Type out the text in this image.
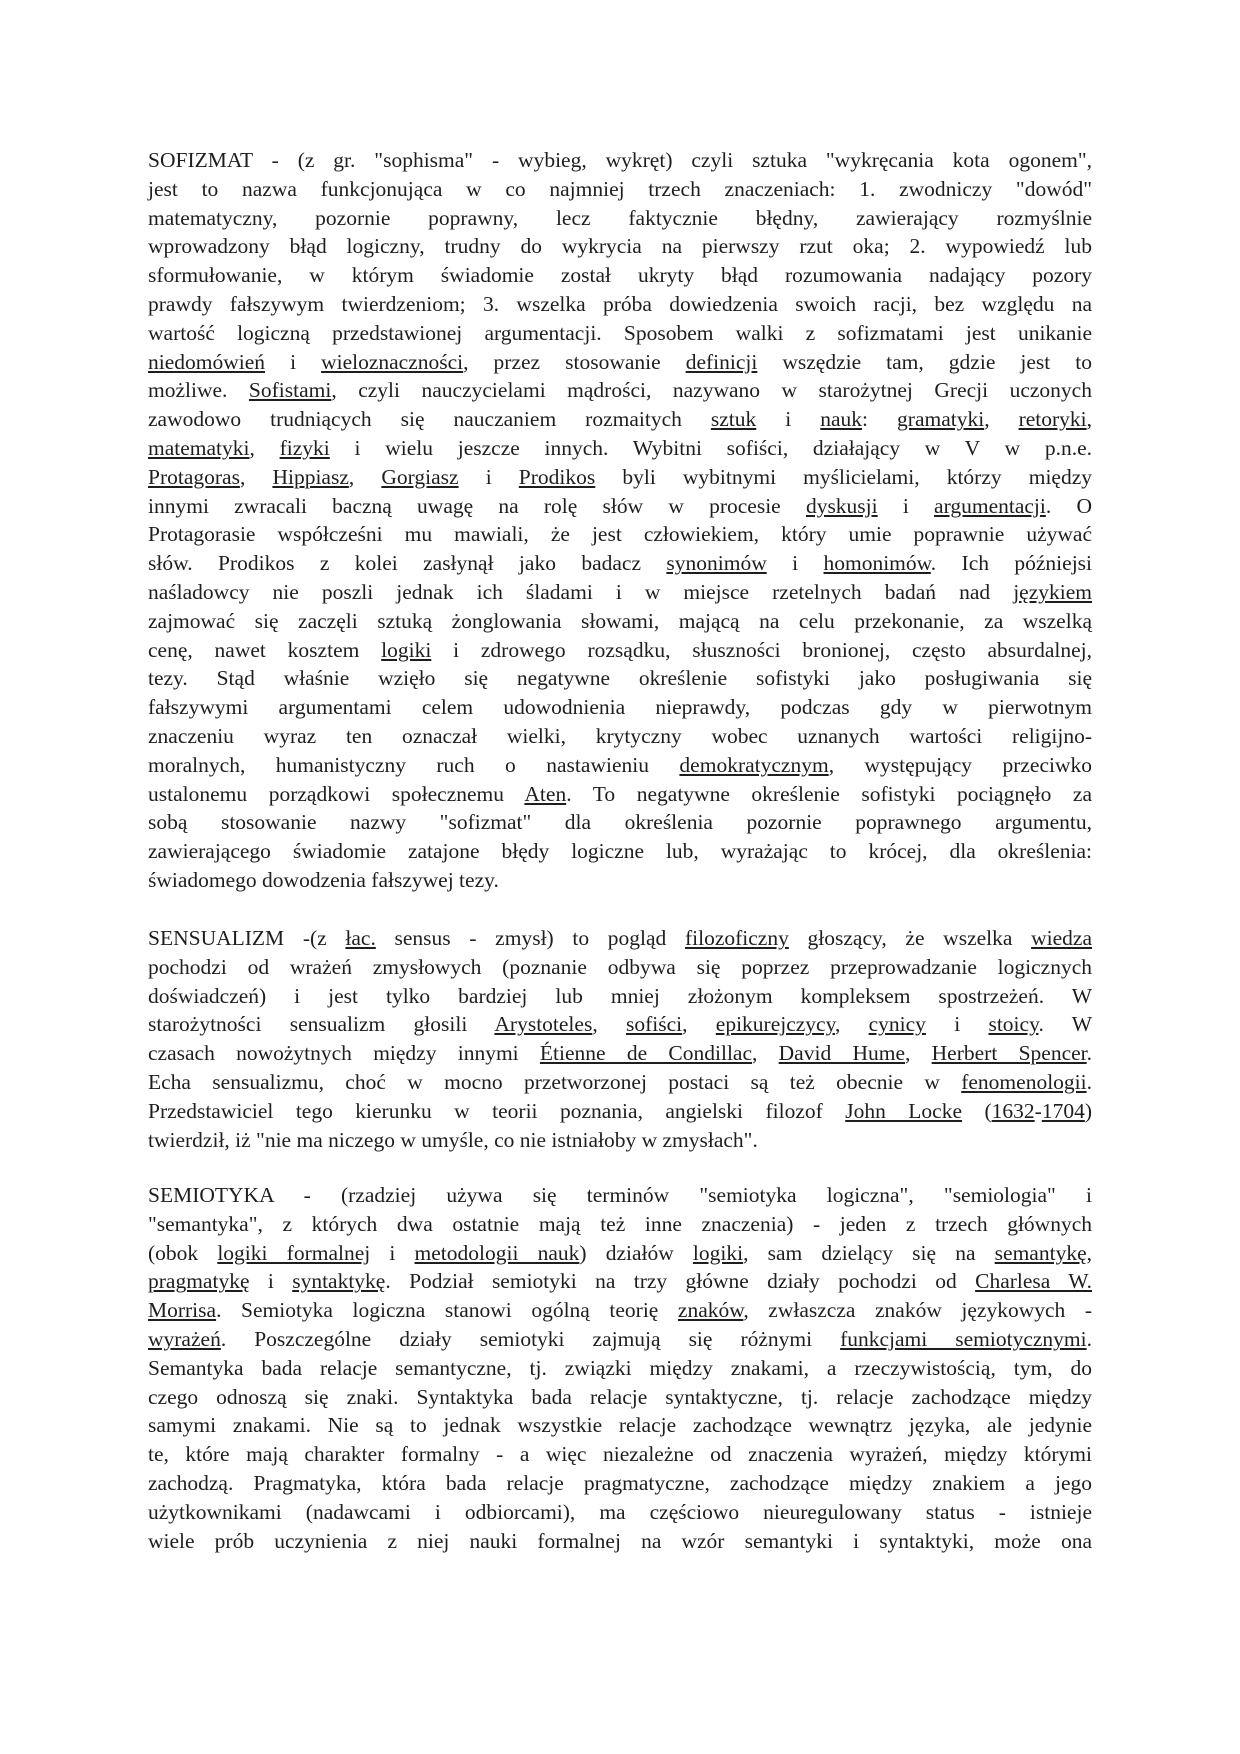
SOFIZMAT - (z gr. "sophisma" - wybieg, wykręt) czyli sztuka "wykręcania kota ogonem",
jest to nazwa funkcjonująca w co najmniej trzech znaczeniach: 1. zwodniczy "dowód"
matematyczny, pozornie poprawny, lecz faktycznie błędny, zawierający rozmyślnie
wprowadzony błąd logiczny, trudny do wykrycia na pierwszy rzut oka; 2. wypowiedź lub
sformułowanie, w którym świadomie został ukryty błąd rozumowania nadający pozory
prawdy fałszywym twierdzeniom; 3. wszelka próba dowiedzenia swoich racji, bez względu na
wartość logiczną przedstawionej argumentacji. Sposobem walki z sofizmatami jest unikanie
niedomówień i wieloznaczności, przez stosowanie definicji wszędzie tam, gdzie jest to
możliwe. Sofistami, czyli nauczycielami mądrości, nazywano w starożytnej Grecji uczonych
zawodowo trudniących się nauczaniem rozmaitych sztuk i nauk: gramatyki, retoryki,
matematyki, fizyki i wielu jeszcze innych. Wybitni sofiści, działający w V w p.n.e.
Protagoras, Hippiasz, Gorgiasz i Prodikos byli wybitnymi myślicielami, którzy między
innymi zwracali baczną uwagę na rolę słów w procesie dyskusji i argumentacji. O
Protagorasie współcześni mu mawiali, że jest człowiekiem, który umie poprawnie używać
słów. Prodikos z kolei zasłynął jako badacz synonimów i homonimów. Ich późniejsi
naśladowcy nie poszli jednak ich śladami i w miejsce rzetelnych badań nad językiem
zajmować się zaczęli sztuką żonglowania słowami, mającą na celu przekonanie, za wszelką
cenę, nawet kosztem logiki i zdrowego rozsądku, słuszności bronionej, często absurdalnej,
tezy. Stąd właśnie wzięło się negatywne określenie sofistyki jako posługiwania się
fałszywymi argumentami celem udowodnienia nieprawdy, podczas gdy w pierwotnym
znaczeniu wyraz ten oznaczał wielki, krytyczny wobec uznanych wartości religijno-
moralnych, humanistyczny ruch o nastawieniu demokratycznym, występujący przeciwko
ustalonemu porządkowi społecznemu Aten. To negatywne określenie sofistyki pociągnęło za
sobą stosowanie nazwy "sofizmat" dla określenia pozornie poprawnego argumentu,
zawierającego świadomie zatajone błędy logiczne lub, wyrażając to krócej, dla określenia:
świadomego dowodzenia fałszywej tezy.
SENSUALIZM -(z łac. sensus - zmysł) to pogląd filozoficzny głoszący, że wszelka wiedza
pochodzi od wrażeń zmysłowych (poznanie odbywa się poprzez przeprowadzanie logicznych
doświadczeń) i jest tylko bardziej lub mniej złożonym kompleksem spostrzeżeń. W
starożytności sensualizm głosili Arystoteles, sofiści, epikurejczycy, cynicy i stoicy. W
czasach nowożytnych między innymi Étienne de Condillac, David Hume, Herbert Spencer.
Echa sensualizmu, choć w mocno przetworzonej postaci są też obecnie w fenomenologii.
Przedstawiciel tego kierunku w teorii poznania, angielski filozof John Locke (1632-1704)
twierdził, iż "nie ma niczego w umyśle, co nie istniałoby w zmysłach".
SEMIOTYKA - (rzadziej używa się terminów "semiotyka logiczna", "semiologia" i
"semantyka", z których dwa ostatnie mają też inne znaczenia) - jeden z trzech głównych
(obok logiki formalnej i metodologii nauk) działów logiki, sam dzielący się na semantykę,
pragmatykę i syntaktykę. Podział semiotyki na trzy główne działy pochodzi od Charlesa W.
Morrisa. Semiotyka logiczna stanowi ogólną teorię znaków, zwłaszcza znaków językowych -
wyrażeń. Poszczególne działy semiotyki zajmują się różnymi funkcjami semiotycznymi.
Semantyka bada relacje semantyczne, tj. związki między znakami, a rzeczywistością, tym, do
czego odnoszą się znaki. Syntaktyka bada relacje syntaktyczne, tj. relacje zachodzące między
samymi znakami. Nie są to jednak wszystkie relacje zachodzące wewnątrz języka, ale jedynie
te, które mają charakter formalny - a więc niezależne od znaczenia wyrażeń, między którymi
zachodzą. Pragmatyka, która bada relacje pragmatyczne, zachodzące między znakiem a jego
użytkownikami (nadawcami i odbiorcami), ma częściowo nieuregulowany status - istnieje
wiele prób uczynienia z niej nauki formalnej na wzór semantyki i syntaktyki, może ona
